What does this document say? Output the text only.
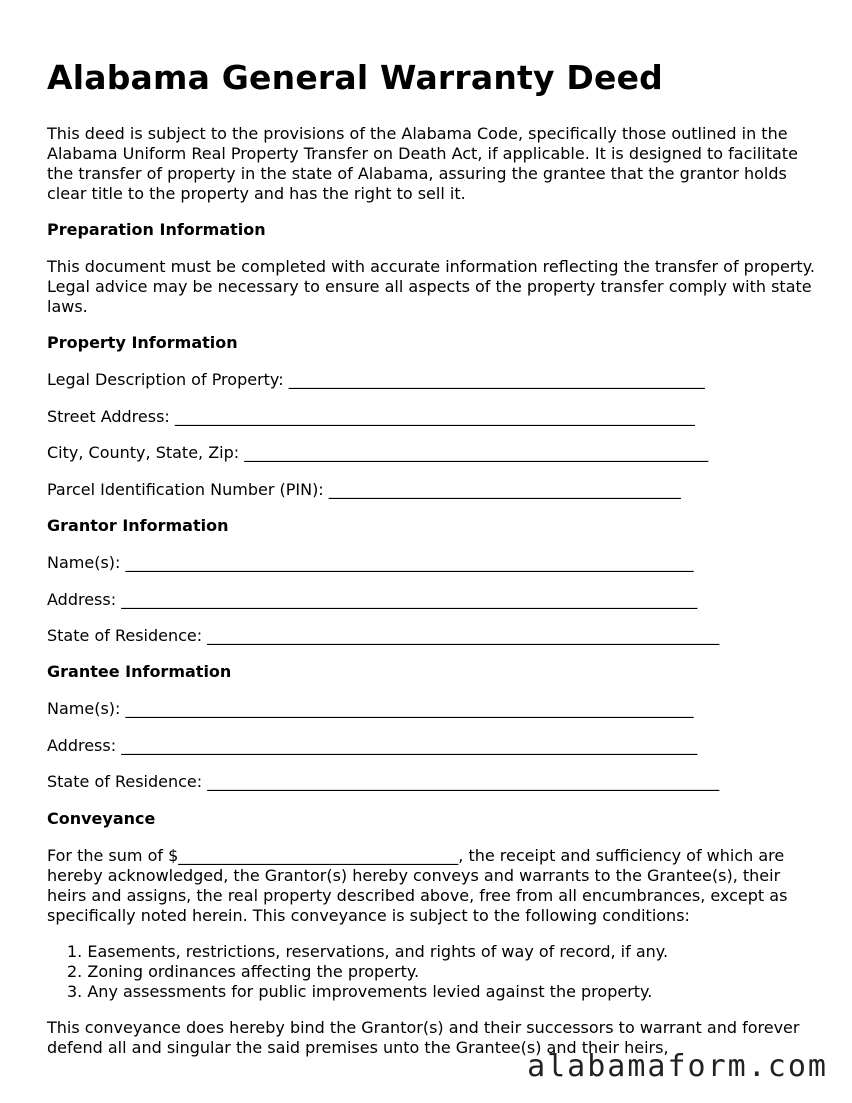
Alabama General Warranty Deed

This deed is subject to the provisions of the Alabama Code, specifically those outlined in the Alabama Uniform Real Property Transfer on Death Act, if applicable. It is designed to facilitate the transfer of property in the state of Alabama, assuring the grantee that the grantor holds clear title to the property and has the right to sell it.

Preparation Information

This document must be completed with accurate information reflecting the transfer of property. Legal advice may be necessary to ensure all aspects of the property transfer comply with state laws.

Property Information
Legal Description of Property: ____________________________________________________
Street Address: _________________________________________________________________
City, County, State, Zip: __________________________________________________________
Parcel Identification Number (PIN): ____________________________________________
Grantor Information
Name(s): _______________________________________________________________________
Address: ________________________________________________________________________
State of Residence: ________________________________________________________________
Grantee Information
Name(s): _______________________________________________________________________
Address: ________________________________________________________________________
State of Residence: ________________________________________________________________
Conveyance

For the sum of $___________________________________, the receipt and sufficiency of which are hereby acknowledged, the Grantor(s) hereby conveys and warrants to the Grantee(s), their heirs and assigns, the real property described above, free from all encumbrances, except as specifically noted herein. This conveyance is subject to the following conditions:

1. Easements, restrictions, reservations, and rights of way of record, if any.
2. Zoning ordinances affecting the property.
3. Any assessments for public improvements levied against the property.

This conveyance does hereby bind the Grantor(s) and their successors to warrant and forever defend all and singular the said premises unto the Grantee(s) and their heirs,

alabamaform.com
